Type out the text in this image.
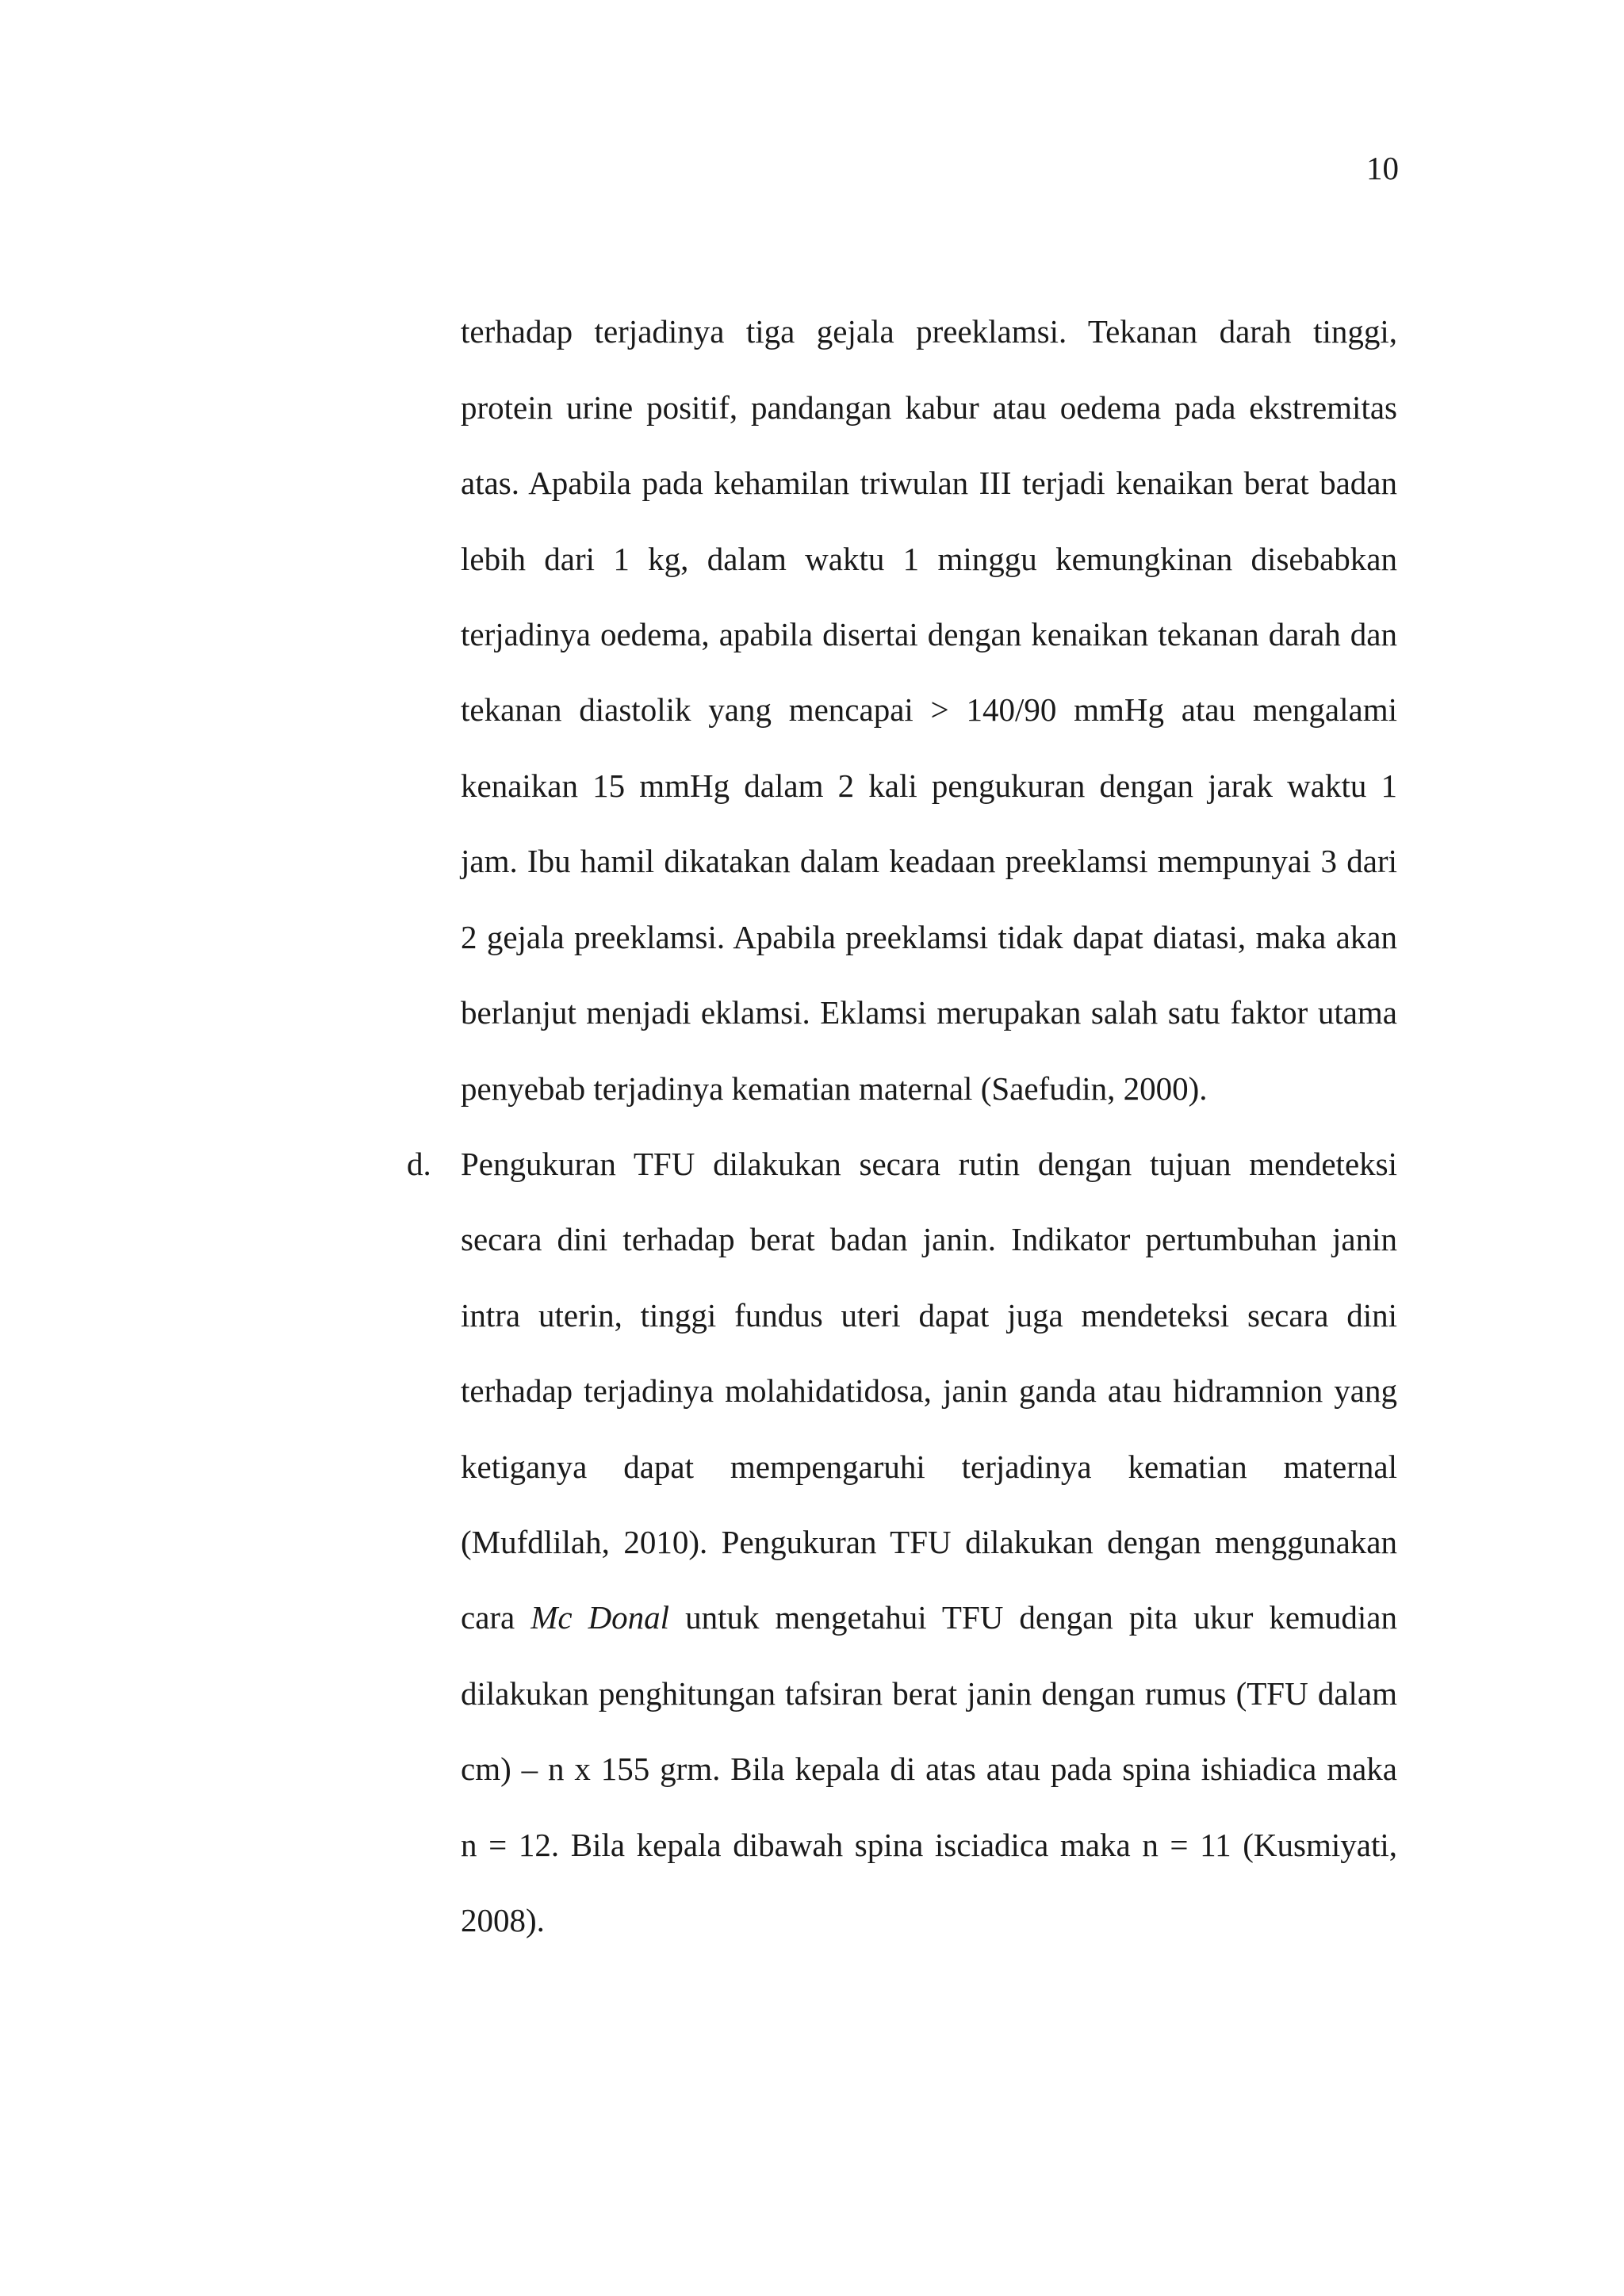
10

terhadap terjadinya tiga gejala preeklamsi. Tekanan darah tinggi,

protein urine positif, pandangan kabur atau oedema pada ekstremitas

atas. Apabila pada kehamilan triwulan III terjadi kenaikan berat badan

lebih dari 1 kg, dalam waktu 1 minggu kemungkinan disebabkan

terjadinya oedema, apabila disertai dengan kenaikan tekanan darah dan

tekanan diastolik yang mencapai > 140/90 mmHg atau mengalami

kenaikan 15 mmHg dalam 2 kali pengukuran dengan jarak waktu 1

jam. Ibu hamil dikatakan dalam keadaan preeklamsi mempunyai 3 dari

2 gejala preeklamsi. Apabila preeklamsi tidak dapat diatasi, maka akan

berlanjut menjadi eklamsi. Eklamsi merupakan salah satu faktor utama

penyebab terjadinya kematian maternal (Saefudin, 2000).

d. Pengukuran TFU dilakukan secara rutin dengan tujuan mendeteksi

secara dini terhadap berat badan janin. Indikator pertumbuhan janin

intra uterin, tinggi fundus uteri dapat juga mendeteksi secara dini

terhadap terjadinya molahidatidosa, janin ganda atau hidramnion yang

ketiganya dapat mempengaruhi terjadinya kematian maternal

(Mufdlilah, 2010). Pengukuran TFU dilakukan dengan menggunakan

cara Mc Donal untuk mengetahui TFU dengan pita ukur kemudian

dilakukan penghitungan tafsiran berat janin dengan rumus (TFU dalam

cm) – n x 155 grm. Bila kepala di atas atau pada spina ishiadica maka

n = 12. Bila kepala dibawah spina isciadica maka n = 11 (Kusmiyati,

2008).
